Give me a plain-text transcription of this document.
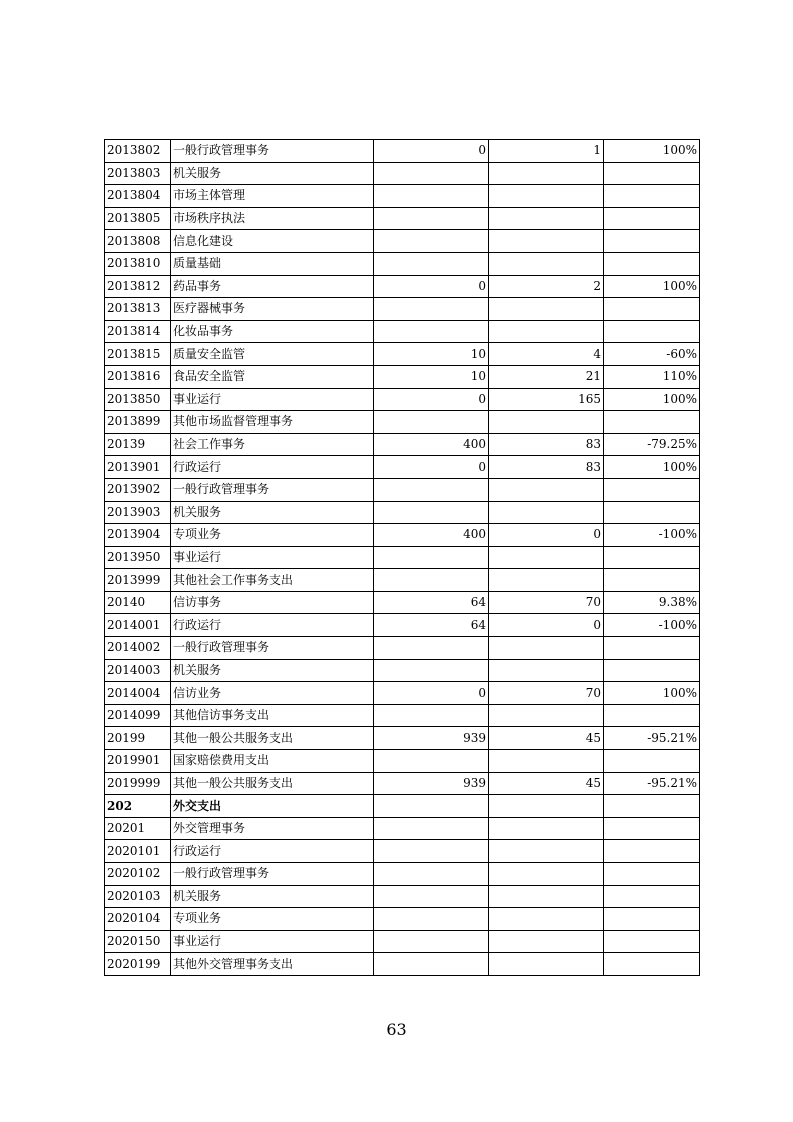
2013802	一般行政管理事务	0	1	100%
2013803	机关服务			
2013804	市场主体管理			
2013805	市场秩序执法			
2013808	信息化建设			
2013810	质量基础			
2013812	药品事务	0	2	100%
2013813	医疗器械事务			
2013814	化妆品事务			
2013815	质量安全监管	10	4	-60%
2013816	食品安全监管	10	21	110%
2013850	事业运行	0	165	100%
2013899	其他市场监督管理事务			
20139	社会工作事务	400	83	-79.25%
2013901	行政运行	0	83	100%
2013902	一般行政管理事务			
2013903	机关服务			
2013904	专项业务	400	0	-100%
2013950	事业运行			
2013999	其他社会工作事务支出			
20140	信访事务	64	70	9.38%
2014001	行政运行	64	0	-100%
2014002	一般行政管理事务			
2014003	机关服务			
2014004	信访业务	0	70	100%
2014099	其他信访事务支出			
20199	其他一般公共服务支出	939	45	-95.21%
2019901	国家赔偿费用支出			
2019999	其他一般公共服务支出	939	45	-95.21%
202	外交支出			
20201	外交管理事务			
2020101	行政运行			
2020102	一般行政管理事务			
2020103	机关服务			
2020104	专项业务			
2020150	事业运行			
2020199	其他外交管理事务支出			
63
